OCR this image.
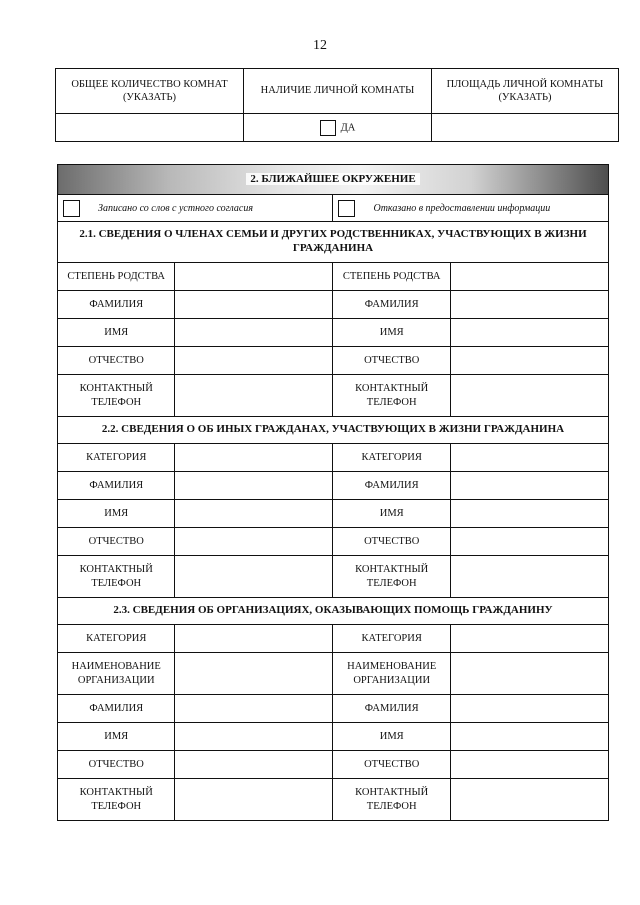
12
ОБЩЕЕ КОЛИЧЕСТВО КОМНАТ (УКАЗАТЬ)	НАЛИЧИЕ ЛИЧНОЙ КОМНАТЫ	ПЛОЩАДЬ ЛИЧНОЙ КОМНАТЫ (УКАЗАТЬ)
	ДА	
2. БЛИЖАЙШЕЕ ОКРУЖЕНИЕ			
Записано со слов с устного согласия		Отказано в предоставлении информации	
2.1. СВЕДЕНИЯ О ЧЛЕНАХ СЕМЬИ И ДРУГИХ РОДСТВЕННИКАХ, УЧАСТВУЮЩИХ В ЖИЗНИ ГРАЖДАНИНА			
СТЕПЕНЬ РОДСТВА		СТЕПЕНЬ РОДСТВА	
ФАМИЛИЯ		ФАМИЛИЯ	
ИМЯ		ИМЯ	
ОТЧЕСТВО		ОТЧЕСТВО	
КОНТАКТНЫЙ ТЕЛЕФОН		КОНТАКТНЫЙ ТЕЛЕФОН	
2.2. СВЕДЕНИЯ О ОБ ИНЫХ ГРАЖДАНАХ, УЧАСТВУЮЩИХ В ЖИЗНИ ГРАЖДАНИНА			
КАТЕГОРИЯ		КАТЕГОРИЯ	
ФАМИЛИЯ		ФАМИЛИЯ	
ИМЯ		ИМЯ	
ОТЧЕСТВО		ОТЧЕСТВО	
КОНТАКТНЫЙ ТЕЛЕФОН		КОНТАКТНЫЙ ТЕЛЕФОН	
2.3. СВЕДЕНИЯ ОБ ОРГАНИЗАЦИЯХ, ОКАЗЫВАЮЩИХ ПОМОЩЬ ГРАЖДАНИНУ			
КАТЕГОРИЯ		КАТЕГОРИЯ	
НАИМЕНОВАНИЕ ОРГАНИЗАЦИИ		НАИМЕНОВАНИЕ ОРГАНИЗАЦИИ	
ФАМИЛИЯ		ФАМИЛИЯ	
ИМЯ		ИМЯ	
ОТЧЕСТВО		ОТЧЕСТВО	
КОНТАКТНЫЙ ТЕЛЕФОН		КОНТАКТНЫЙ ТЕЛЕФОН	
